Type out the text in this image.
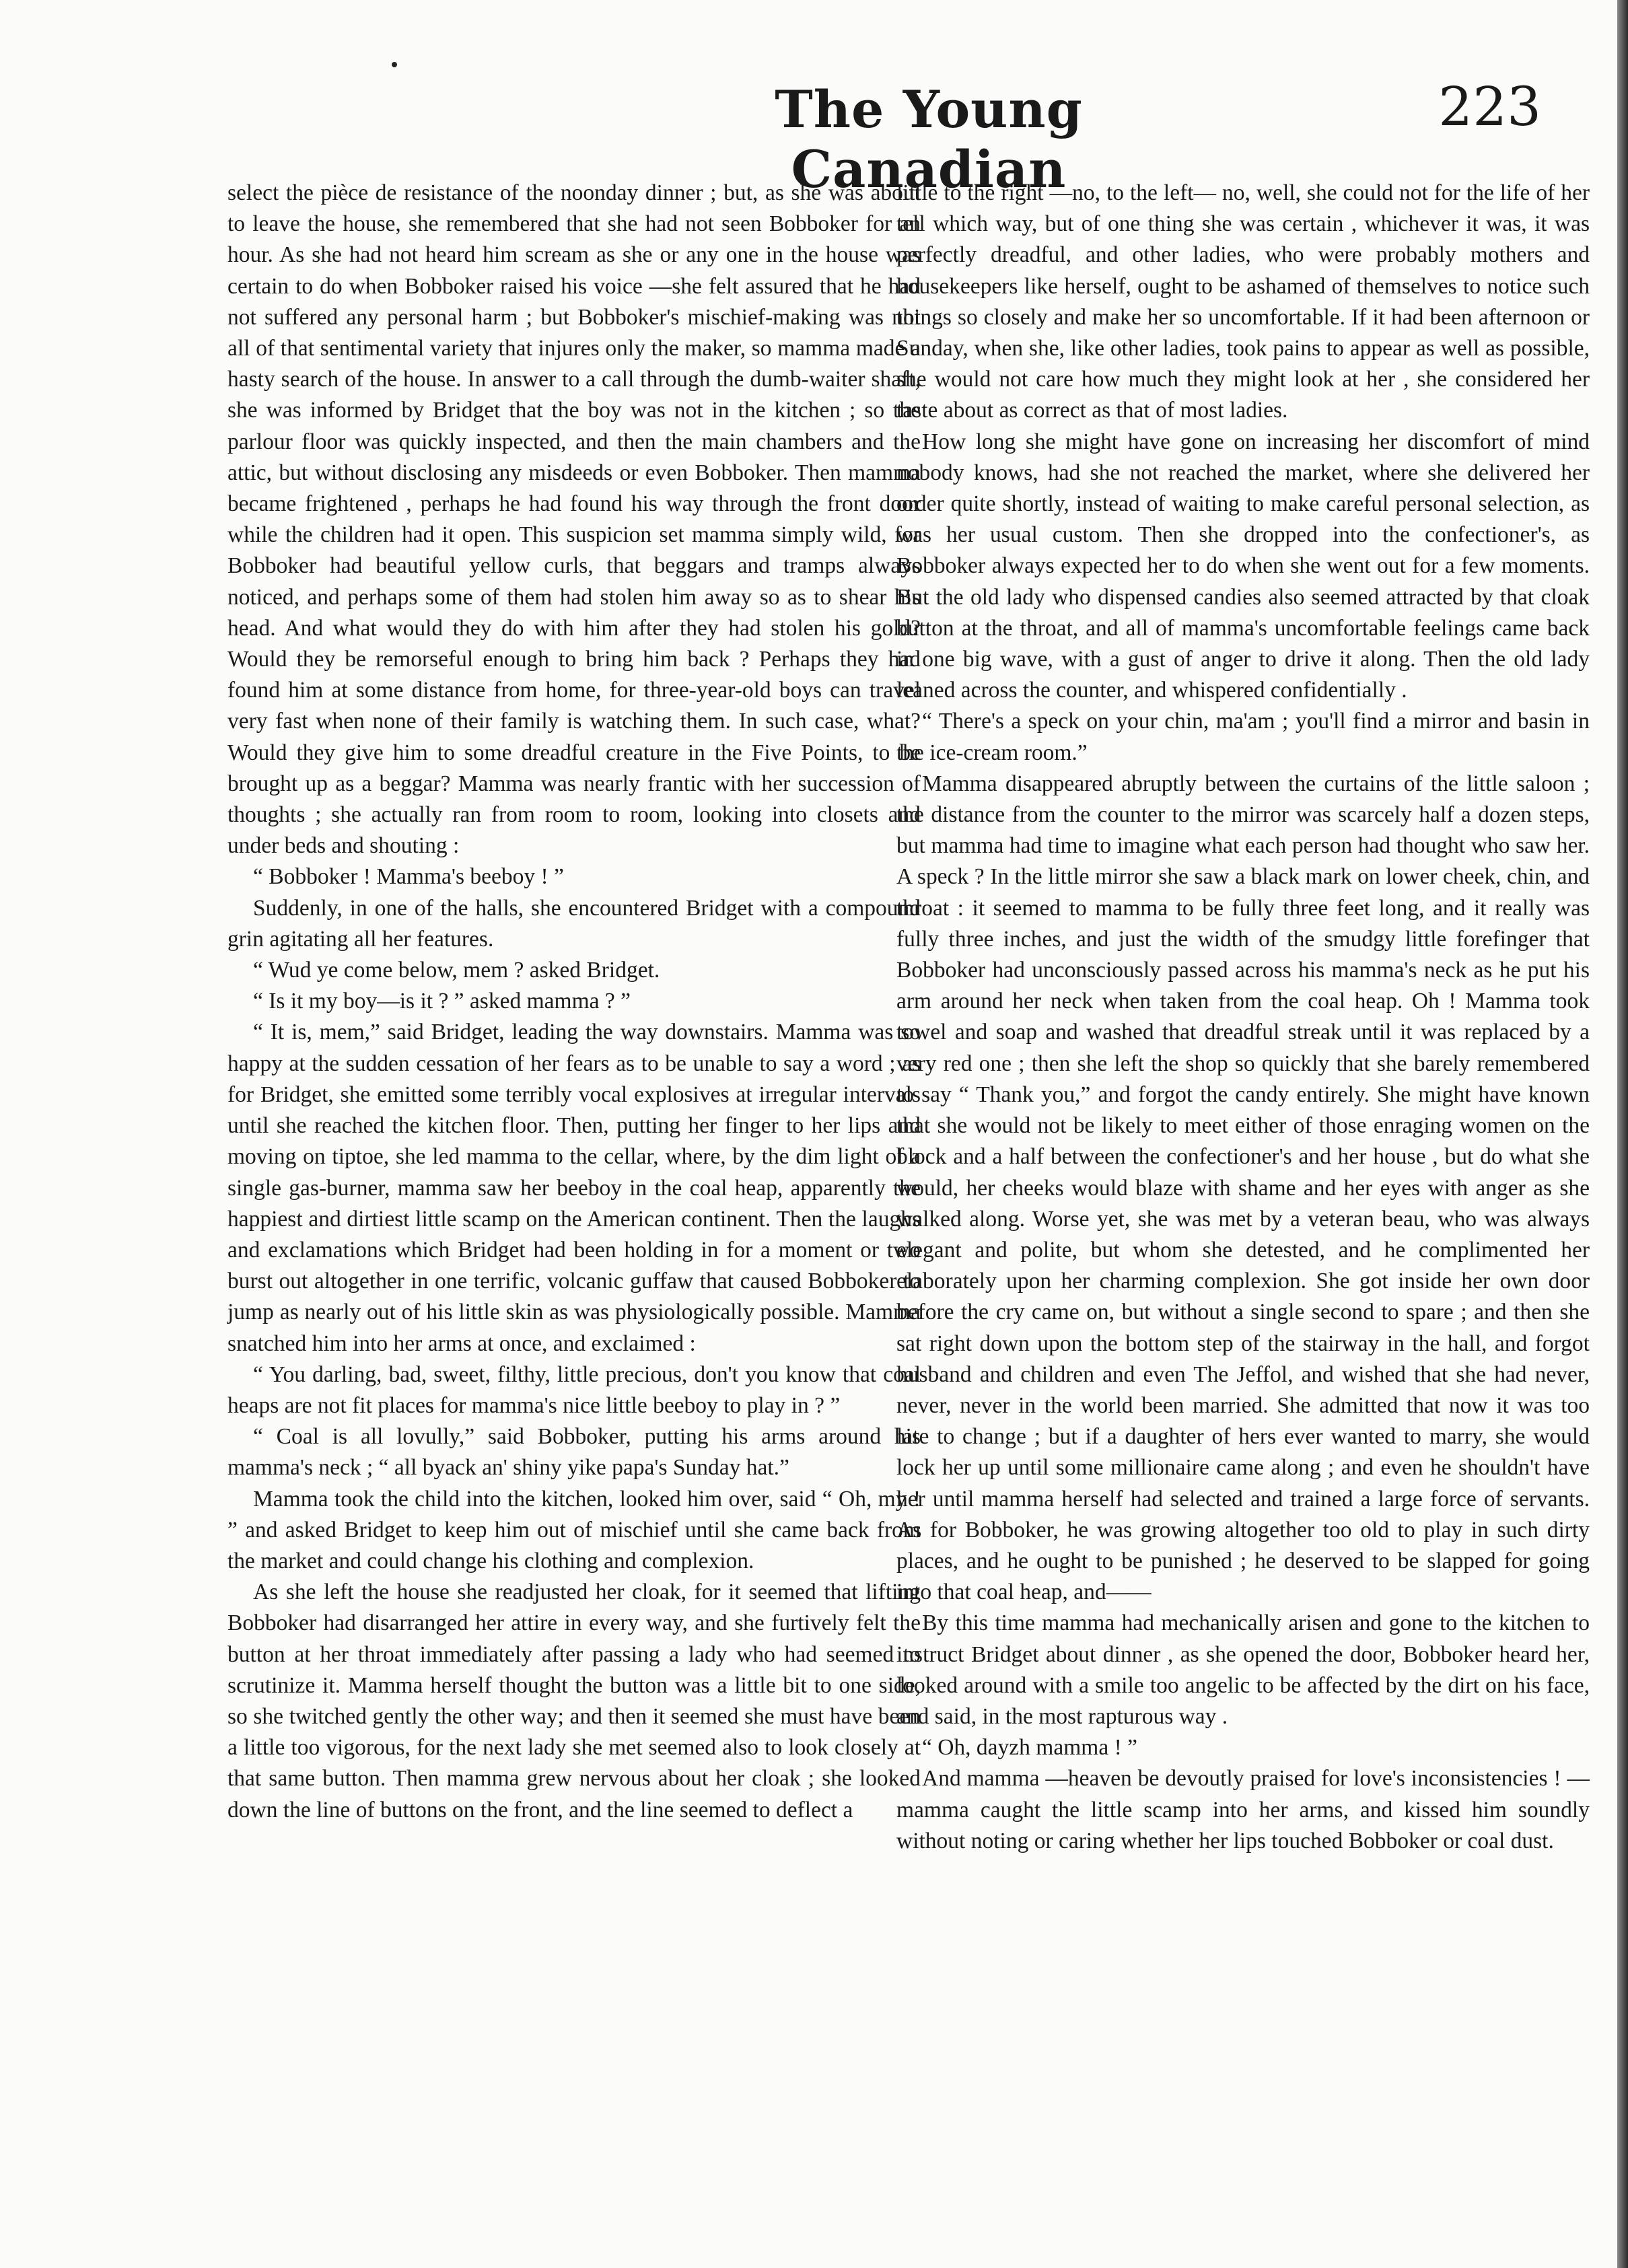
The Young Canadian
223

select the pièce de resistance of the noonday dinner ; but, as she was about to leave the house, she remembered that she had not seen Bobboker for an hour. As she had not heard him scream as she or any one in the house was certain to do when Bobboker raised his voice —she felt assured that he had not suffered any personal harm ; but Bobboker's mischief-making was not all of that sentimental variety that injures only the maker, so mamma made a hasty search of the house. In answer to a call through the dumb-waiter shaft, she was informed by Bridget that the boy was not in the kitchen ; so the parlour floor was quickly inspected, and then the main chambers and the attic, but without disclosing any misdeeds or even Bobboker. Then mamma became frightened , perhaps he had found his way through the front door while the children had it open. This suspicion set mamma simply wild, for Bobboker had beautiful yellow curls, that beggars and tramps always noticed, and perhaps some of them had stolen him away so as to shear his head. And what would they do with him after they had stolen his gold? Would they be remorseful enough to bring him back ? Perhaps they had found him at some distance from home, for three-year-old boys can travel very fast when none of their family is watching them. In such case, what? Would they give him to some dreadful creature in the Five Points, to be brought up as a beggar? Mamma was nearly frantic with her succession of thoughts ; she actually ran from room to room, looking into closets and under beds and shouting :

“ Bobboker ! Mamma's beeboy ! ”

Suddenly, in one of the halls, she encountered Bridget with a compound grin agitating all her features.

“ Wud ye come below, mem ? asked Bridget.

“ Is it my boy—is it ? ” asked mamma ? ”

“ It is, mem,” said Bridget, leading the way downstairs. Mamma was so happy at the sudden cessation of her fears as to be unable to say a word ; as for Bridget, she emitted some terribly vocal explosives at irregular intervals until she reached the kitchen floor. Then, putting her finger to her lips and moving on tiptoe, she led mamma to the cellar, where, by the dim light of a single gas-burner, mamma saw her beeboy in the coal heap, apparently the happiest and dirtiest little scamp on the American continent. Then the laughs and exclamations which Bridget had been holding in for a moment or two burst out altogether in one terrific, volcanic guffaw that caused Bobboker to jump as nearly out of his little skin as was physiologically possible. Mamma snatched him into her arms at once, and exclaimed :

“ You darling, bad, sweet, filthy, little precious, don't you know that coal heaps are not fit places for mamma's nice little beeboy to play in ? ”

“ Coal is all lovully,” said Bobboker, putting his arms around his mamma's neck ; “ all byack an' shiny yike papa's Sunday hat.”

Mamma took the child into the kitchen, looked him over, said “ Oh, my ! ” and asked Bridget to keep him out of mischief until she came back from the market and could change his clothing and complexion.

As she left the house she readjusted her cloak, for it seemed that lifting Bobboker had disarranged her attire in every way, and she furtively felt the button at her throat immediately after passing a lady who had seemed to scrutinize it. Mamma herself thought the button was a little bit to one side, so she twitched gently the other way; and then it seemed she must have been a little too vigorous, for the next lady she met seemed also to look closely at that same button. Then mamma grew nervous about her cloak ; she looked down the line of buttons on the front, and the line seemed to deflect a

little to the right —no, to the left— no, well, she could not for the life of her tell which way, but of one thing she was certain , whichever it was, it was perfectly dreadful, and other ladies, who were probably mothers and housekeepers like herself, ought to be ashamed of themselves to notice such things so closely and make her so uncomfortable. If it had been afternoon or Sunday, when she, like other ladies, took pains to appear as well as possible, she would not care how much they might look at her , she considered her taste about as correct as that of most ladies.

How long she might have gone on increasing her discomfort of mind nobody knows, had she not reached the market, where she delivered her order quite shortly, instead of waiting to make careful personal selection, as was her usual custom. Then she dropped into the confectioner's, as Bobboker always expected her to do when she went out for a few moments. But the old lady who dispensed candies also seemed attracted by that cloak button at the throat, and all of mamma's uncomfortable feelings came back in one big wave, with a gust of anger to drive it along. Then the old lady leaned across the counter, and whispered confidentially .

“ There's a speck on your chin, ma'am ; you'll find a mirror and basin in the ice-cream room.”

Mamma disappeared abruptly between the curtains of the little saloon ; the distance from the counter to the mirror was scarcely half a dozen steps, but mamma had time to imagine what each person had thought who saw her. A speck ? In the little mirror she saw a black mark on lower cheek, chin, and throat : it seemed to mamma to be fully three feet long, and it really was fully three inches, and just the width of the smudgy little forefinger that Bobboker had unconsciously passed across his mamma's neck as he put his arm around her neck when taken from the coal heap. Oh ! Mamma took towel and soap and washed that dreadful streak until it was replaced by a very red one ; then she left the shop so quickly that she barely remembered to say “ Thank you,” and forgot the candy entirely. She might have known that she would not be likely to meet either of those enraging women on the block and a half between the confectioner's and her house , but do what she would, her cheeks would blaze with shame and her eyes with anger as she walked along. Worse yet, she was met by a veteran beau, who was always elegant and polite, but whom she detested, and he complimented her elaborately upon her charming complexion. She got inside her own door before the cry came on, but without a single second to spare ; and then she sat right down upon the bottom step of the stairway in the hall, and forgot husband and children and even The Jeffol, and wished that she had never, never, never in the world been married. She admitted that now it was too late to change ; but if a daughter of hers ever wanted to marry, she would lock her up until some millionaire came along ; and even he shouldn't have her until mamma herself had selected and trained a large force of servants. As for Bobboker, he was growing altogether too old to play in such dirty places, and he ought to be punished ; he deserved to be slapped for going into that coal heap, and——

By this time mamma had mechanically arisen and gone to the kitchen to instruct Bridget about dinner , as she opened the door, Bobboker heard her, looked around with a smile too angelic to be affected by the dirt on his face, and said, in the most rapturous way .

“ Oh, dayzh mamma ! ”

And mamma —heaven be devoutly praised for love's inconsistencies ! —mamma caught the little scamp into her arms, and kissed him soundly without noting or caring whether her lips touched Bobboker or coal dust.
